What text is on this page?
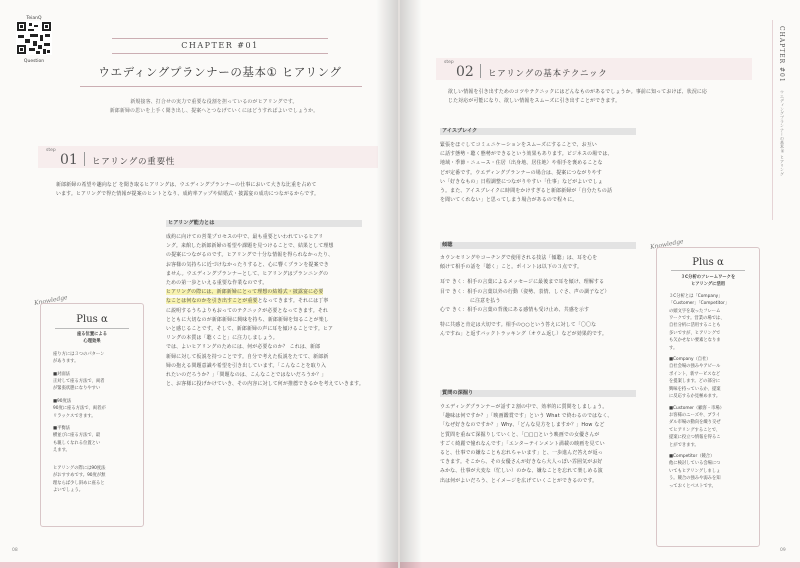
TeianQ
Question
CHAPTER #01
ウエディングプランナーの基本① ヒアリング
新規接客、打合せの実力で重要な役割を担っているのがヒアリングです。
新郎新婦の思いを上手く聞き出し、提案へとつなげていくにはどうすればよいでしょうか。
step
01 ヒアリングの重要性
新郎新婦の希望や趣向など を聞き取るヒアリングは、ウエディングプランナーの仕事において大きな比重を占めて
います。ヒアリングで得た情報が提案のヒントとなり、成約率アップや結婚式・披露宴の成功につながるからです。
Knowledge
Plus α
座る位置による
心理効果
座り方には３つのパターン
があります。
■対面法
正対して座る方法で、両者
が緊張状態になりやすい
■90度法
90度に座る方法で、両者が
リラックスできます。
■平衡法
横並びに座る方法で、最
も親しくなれる位置とい
えます。
ヒアリングの際には90度法
がおすすめです。90度が無
理ならば少し斜めに座ると
よいでしょう。
ヒアリング能力とは
成約に向けての営業プロセスの中で、最も重要といわれているヒアリ
ング。来館した新郎新婦の希望や課題を見つけることで、結果として理想
の提案につながるのです。ヒアリングで十分な情報を得られなかったり、
お客様の気持ちに近づけなかったりすると、心に響くプランを提案でき
ません。ウエディングプランナーとして、ヒアリングはプランニングの
ための第一歩といえる重要な作業なのです。
ヒアリングの際には、新郎新婦にとって理想の結婚式・披露宴に必要
なことは何なのかを引き出すことが重要となってきます。それには丁寧
に説明するうちよりもおってのテクニックが必要となってきます。それ
とともに大切なのが新郎新婦に興味を持ち、新郎新婦を知ることが楽し
いと感じることです。そして、新郎新婦の声に耳を傾けることです。ヒア
リングの本質は「聴くこと」に注力しましょう。
では、よいヒアリングのためには、何が必要なのか？ これは、新郎
新婦に対して仮説を持つことです。自分で考えた仮説をたてて、新郎新
婦の抱える問題意識や希望を引き出しています。「こんなことを取り入
れたいのだろうか？」「問題なのは、こんなことではないだろうか？」
と、お客様に投げかけていき、その内容に対して何が推薦できるかを考えていきます。
08
step
02 ヒアリングの基本テクニック
欲しい情報を引き出すためのコツやテクニックにはどんなものがあるでしょうか。事前に知っておけば、状況に応
じた対応が可能になり、欲しい情報をスムーズに引き出すことができます。
アイスブレイク
緊張をほぐしてコミュニケーションをスムーズにすることで、お互い
に話す態勢・聴く態勢ができるという効果もあります。ビジネスの場では、
地域・季節・ニュース・住居（出身地、居住地）や相手を褒めることな
どが定番です。ウエディングプランナーの場合は、提案につながりやす
い「好きなもの」日程調整につながりやすい「仕事」などがよいでしょ
う。また、アイスブレイクに時間をかけすぎると新郎新婦が「自分たちの話
を聞いてくれない」と思ってしまう場合があるので程々に。
傾聴
カウンセリングやコーチングで使用される技法「傾聴」は、耳を心を
傾けて相手の話を「聴く」こと。ポイントは以下の３点です。
耳で きく：相手の言葉によるメッセージに最後まで耳を傾け、理解する
目で きく：相手の言葉以外の行動（姿勢、表情、しぐさ、声の調子など）
に注意を払う
心で きく：相手の言葉の背後にある感情も受け止め、共感を示す
特に共感と肯定は大切です。相手の○○という答えに対して「〇〇な
んですね」と返すバックトラッキング（オウム返し）などが効果的です。
質問の深掘り
ウエディングプランナーが話す２割の中で、効率的に質問をしましょう。
「趣味は何ですか？」「映画鑑賞です」という What で終わるのではなく、
「なぜ好きなのですか？」Why、「どんな見方をしますか？」How など
と質問を重ねて深掘りしていくと、「□□□という映画での女優さんが
すごく綺麗で憧れなんです」「エンターテインメント満載の映画を見てい
ると、仕事での嫌なことも忘れちゃいます」と、一歩進んだ答えが返っ
てきます。そこから、その女優さんが好きなら大人っぽい雰囲気がお好
みかな、仕事が大変な（忙しい）のかな、嫌なことを忘れて楽しめる演
出は何がよいだろう、とイメージを広げていくことができるのです。
Knowledge
Plus α
３C分析のフレームワークを
ヒアリングに活用
３C分析とは「Company」
「Customer」「Competitor」
の頭文字を取ったフレーム
ワークです。営業の場では、
自社分析に活用することも
多いですが、ヒアリングで
も欠かせない要素となりま
す。
■Company（自社）
自社会場の強みやアピール
ポイント、新サービスなど
を提案します。どの部分に
興味を持っているか、提案
に反応するか見極めます。
■Customer（顧客・市場）
お客様のニーズや、ブライ
ダル市場の動向を織り交ぜ
てヒアリングすることで、
提案に役立つ情報を得るこ
とができます。
■Competitor（競合）
他に検討している会場につ
いてもヒアリングしましょ
う。競合の強みや弱みを知
っておくとベストです。
CHAPTER #01
ウエディングプランナーの基本① ヒアリング
09
